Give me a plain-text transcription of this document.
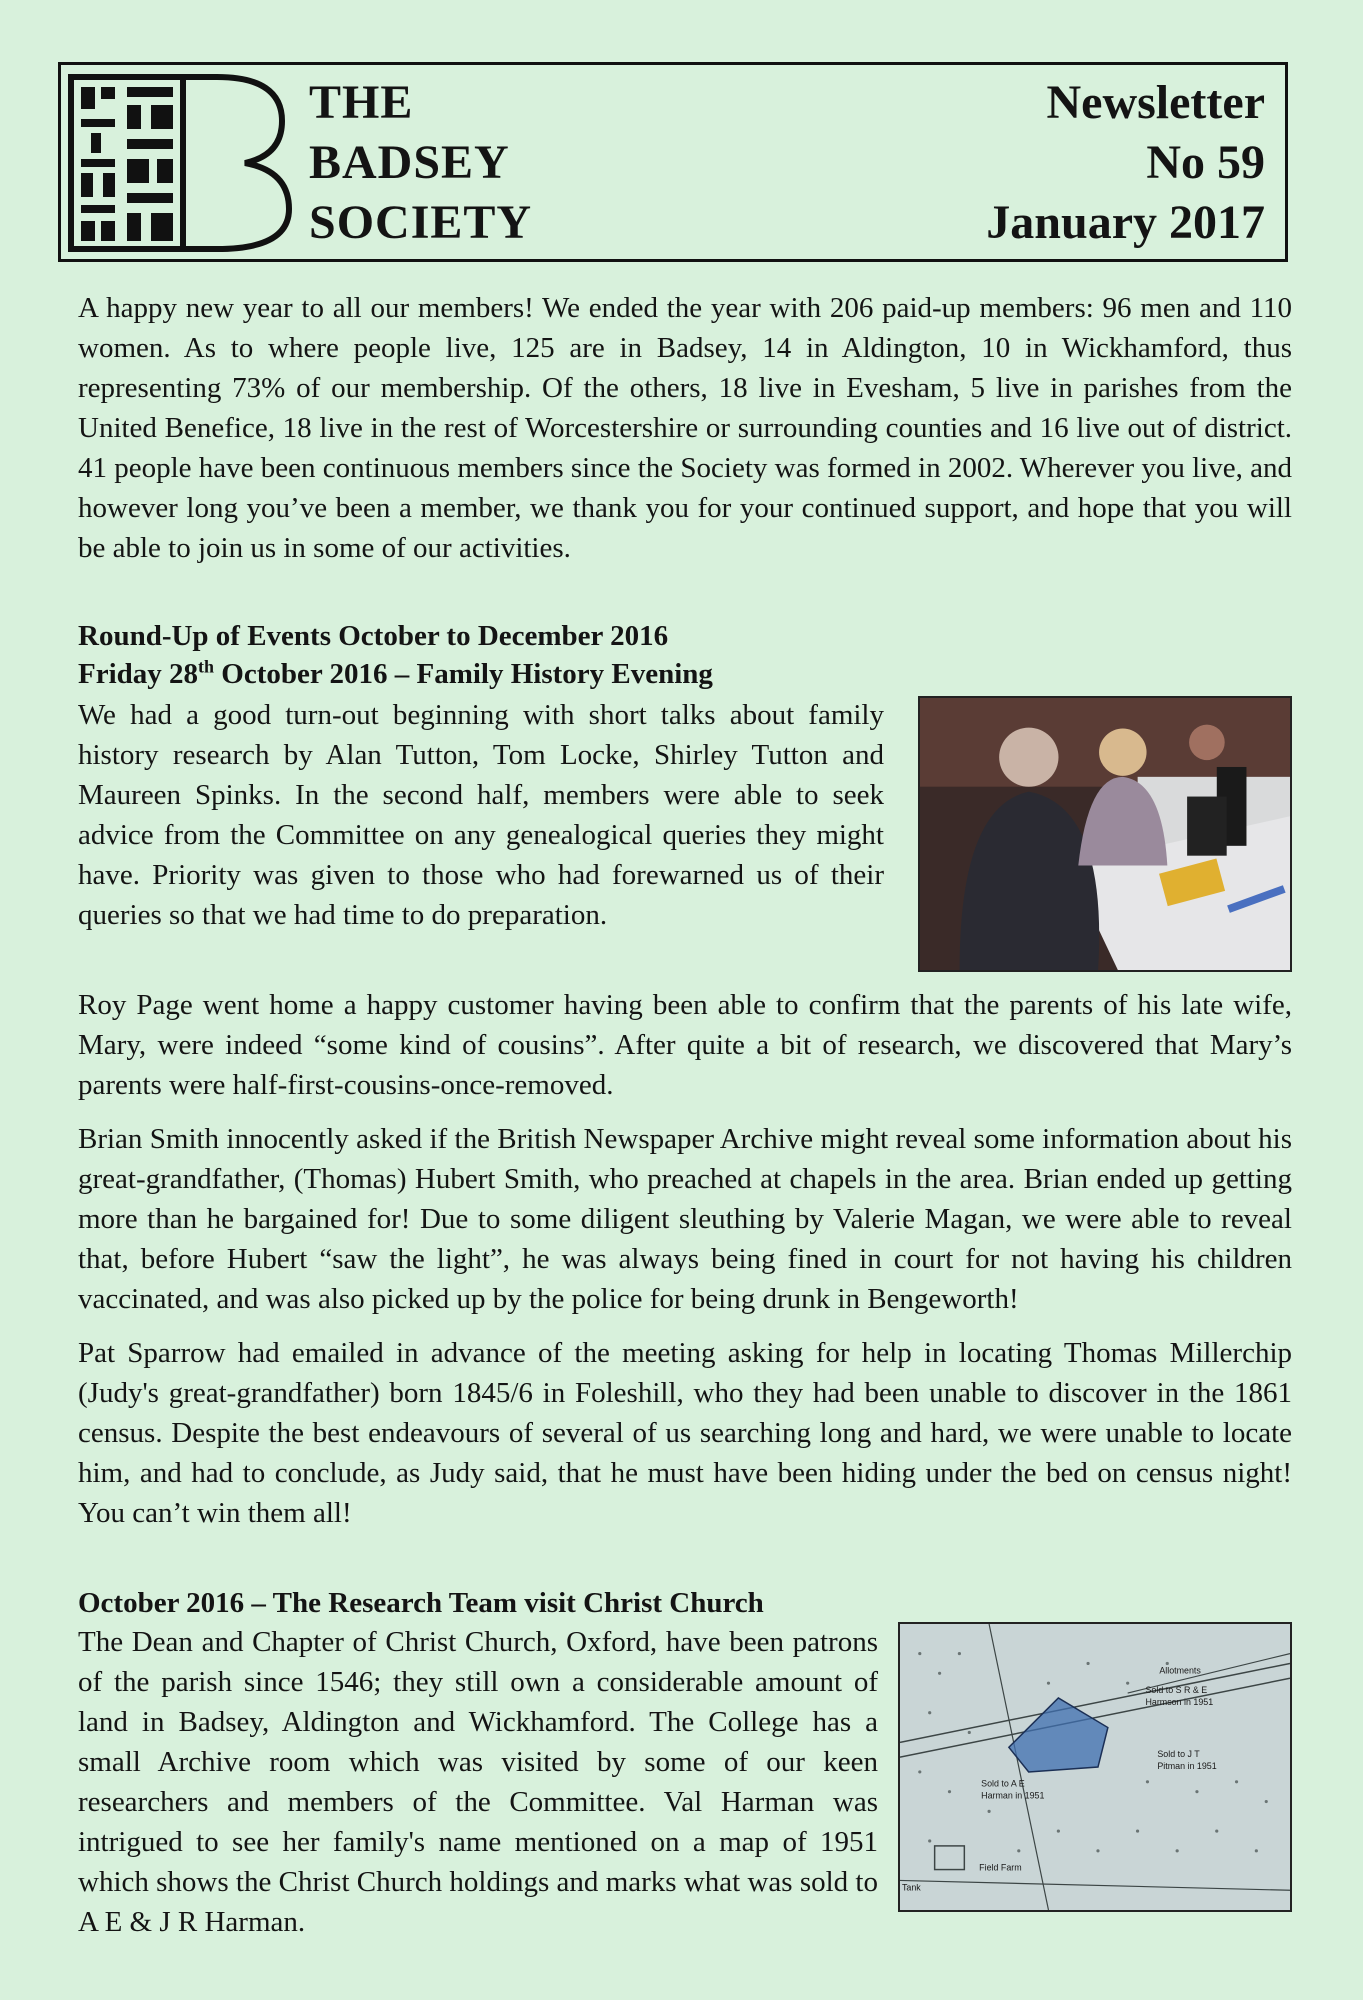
THE
BADSEY
SOCIETY
Newsletter
No 59
January 2017

A happy new year to all our members! We ended the year with 206 paid-up members: 96 men and 110 women. As to where people live, 125 are in Badsey, 14 in Aldington, 10 in Wickhamford, thus representing 73% of our membership. Of the others, 18 live in Evesham, 5 live in parishes from the United Benefice, 18 live in the rest of Worcestershire or surrounding counties and 16 live out of district. 41 people have been continuous members since the Society was formed in 2002. Wherever you live, and however long you’ve been a member, we thank you for your continued support, and hope that you will be able to join us in some of our activities.

Round-Up of Events October to December 2016
Friday 28th October 2016 – Family History Evening

We had a good turn-out beginning with short talks about family history research by Alan Tutton, Tom Locke, Shirley Tutton and Maureen Spinks. In the second half, members were able to seek advice from the Committee on any genealogical queries they might have. Priority was given to those who had forewarned us of their queries so that we had time to do preparation.

Roy Page went home a happy customer having been able to confirm that the parents of his late wife, Mary, were indeed “some kind of cousins”. After quite a bit of research, we discovered that Mary’s parents were half-first-cousins-once-removed.

Brian Smith innocently asked if the British Newspaper Archive might reveal some information about his great-grandfather, (Thomas) Hubert Smith, who preached at chapels in the area. Brian ended up getting more than he bargained for! Due to some diligent sleuthing by Valerie Magan, we were able to reveal that, before Hubert “saw the light”, he was always being fined in court for not having his children vaccinated, and was also picked up by the police for being drunk in Bengeworth!

Pat Sparrow had emailed in advance of the meeting asking for help in locating Thomas Millerchip (Judy's great-grandfather) born 1845/6 in Foleshill, who they had been unable to discover in the 1861 census. Despite the best endeavours of several of us searching long and hard, we were unable to locate him, and had to conclude, as Judy said, that he must have been hiding under the bed on census night! You can’t win them all!

October 2016 – The Research Team visit Christ Church

The Dean and Chapter of Christ Church, Oxford, have been patrons of the parish since 1546; they still own a considerable amount of land in Badsey, Aldington and Wickhamford. The College has a small Archive room which was visited by some of our keen researchers and members of the Committee. Val Harman was intrigued to see her family's name mentioned on a map of 1951 which shows the Christ Church holdings and marks what was sold to A E & J R Harman.

Allotments
Sold to S R & E
Harmson in 1951
Sold to J T
Pitman in 1951
Sold to A E
Harman in 1951
Field Farm
Tank
